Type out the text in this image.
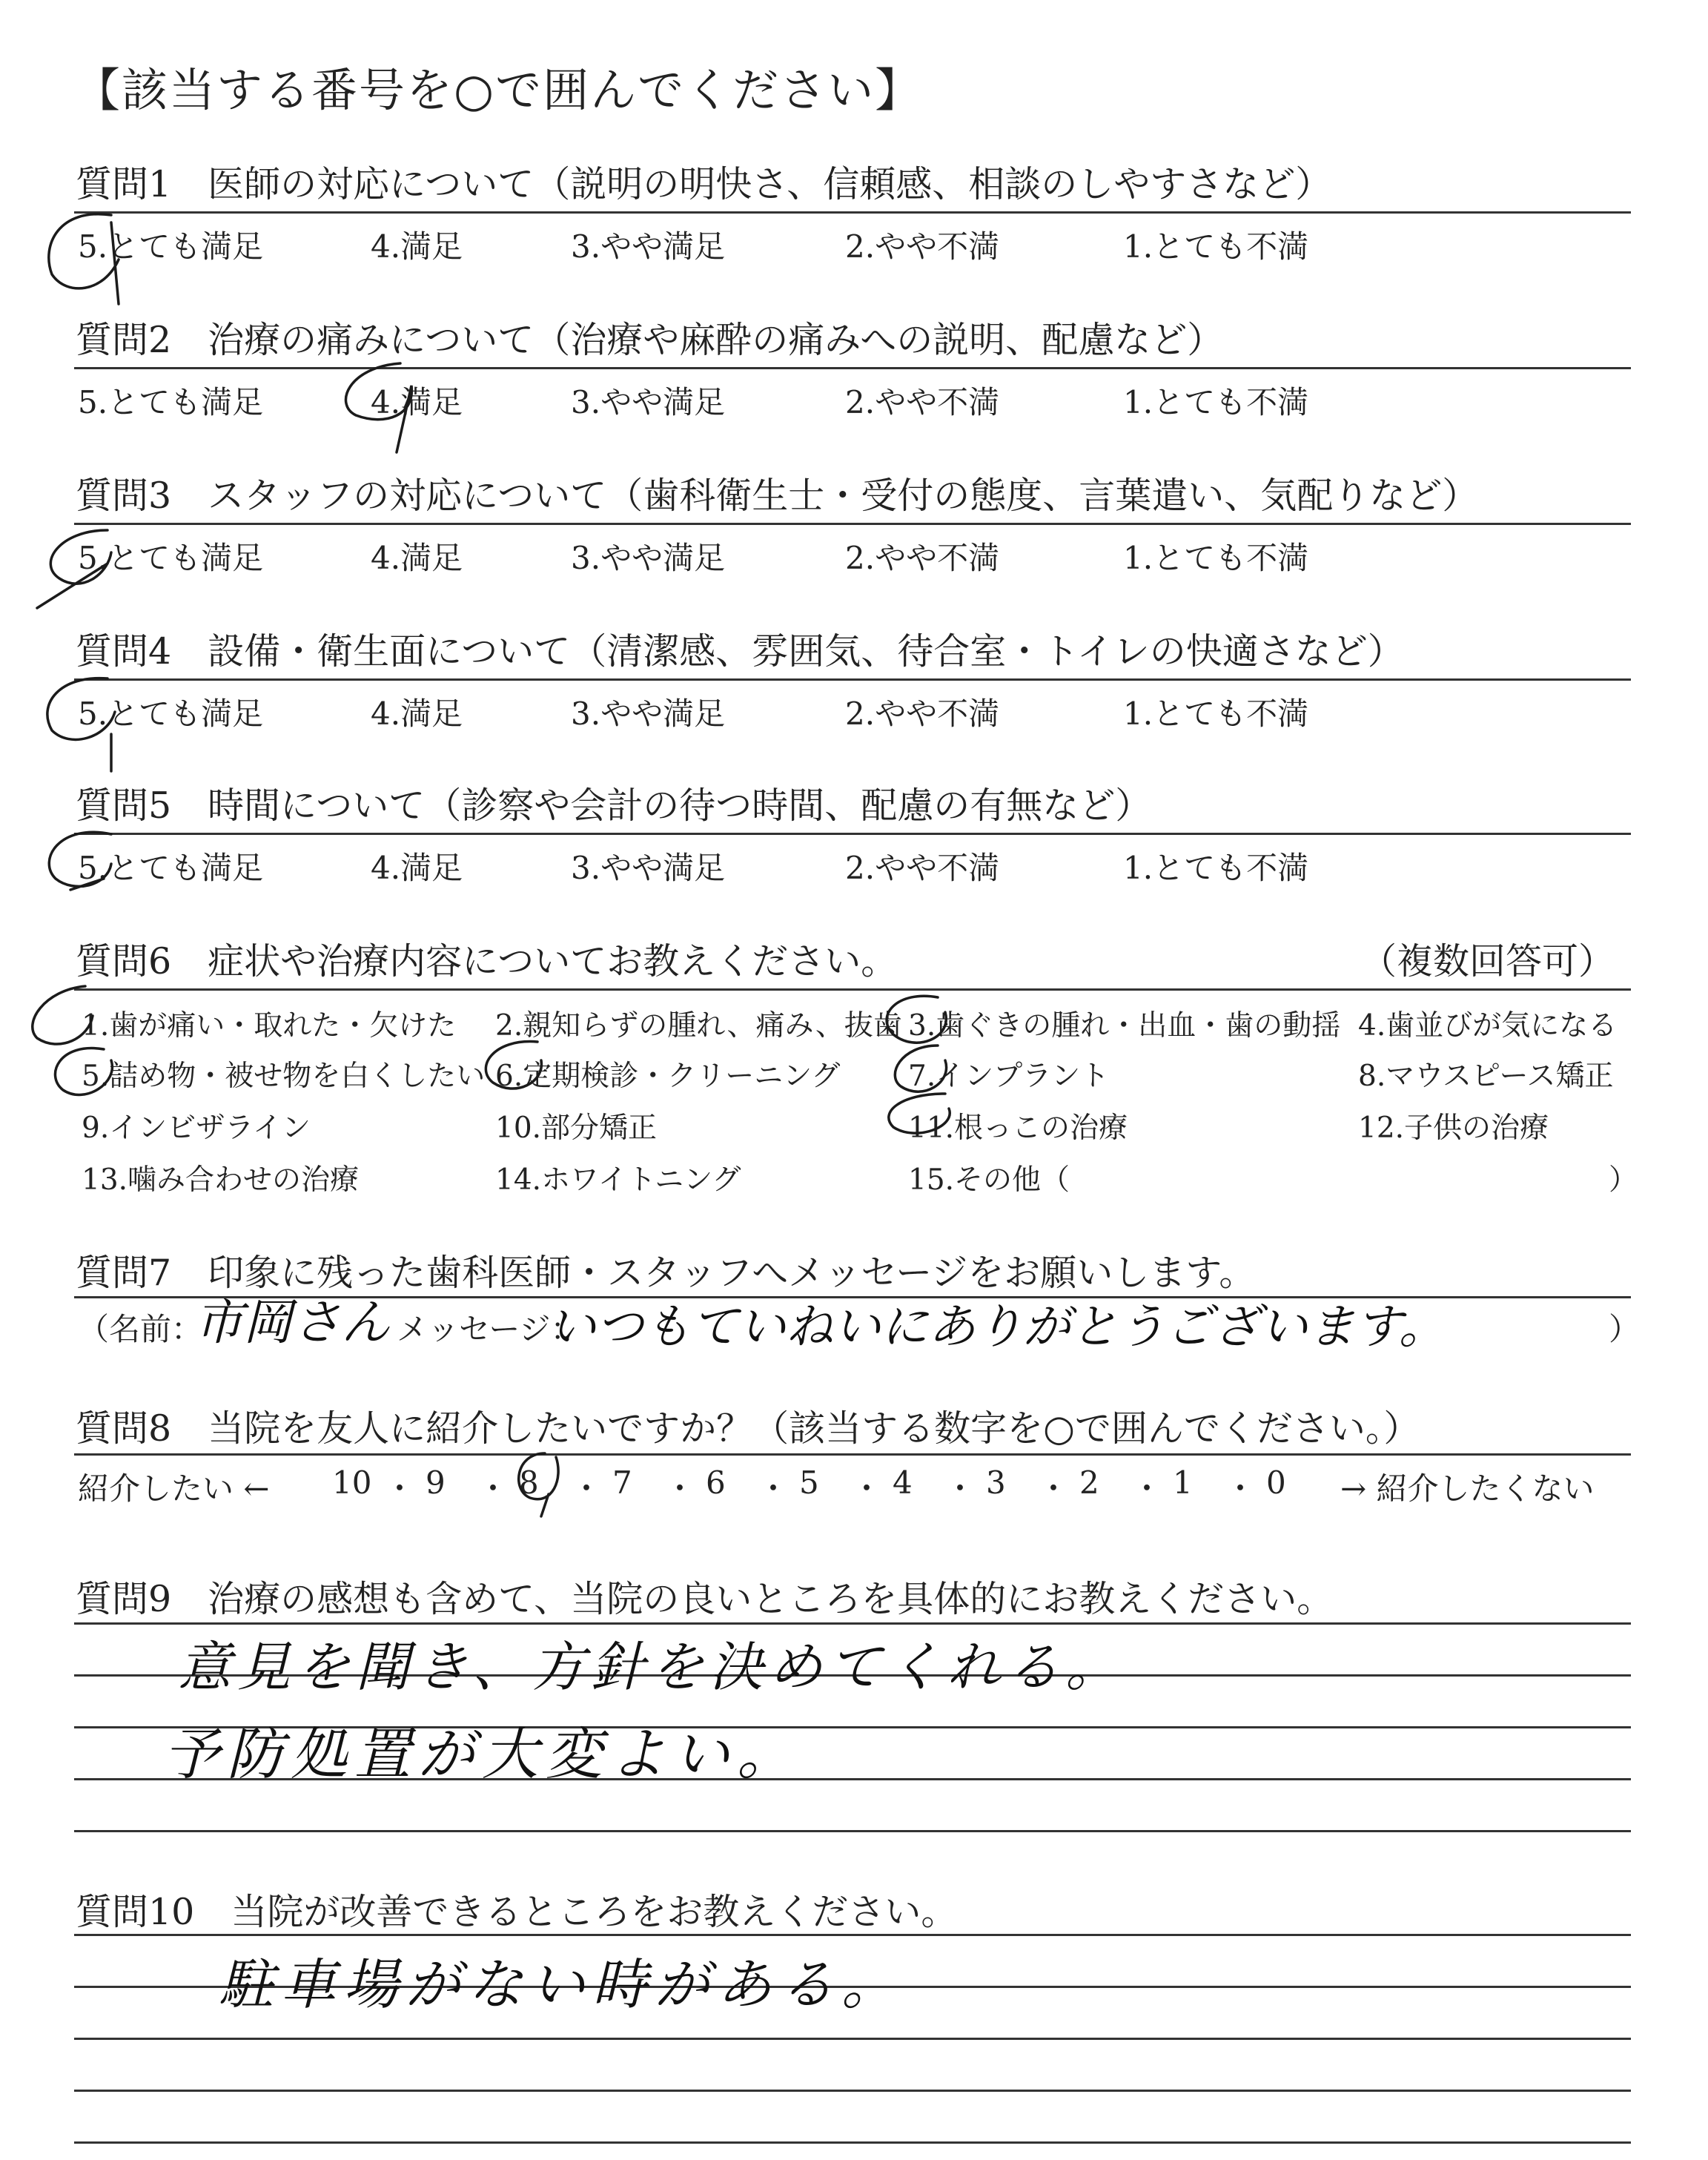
【該当する番号を○で囲んでください】
質問1　医師の対応について（説明の明快さ、信頼感、相談のしやすさなど）
5.とても満足	4.満足	3.やや満足	2.やや不満	1.とても不満
質問2　治療の痛みについて（治療や麻酔の痛みへの説明、配慮など）
5.とても満足	4.満足	3.やや満足	2.やや不満	1.とても不満
質問3　スタッフの対応について（歯科衛生士・受付の態度、言葉遣い、気配りなど）
5.とても満足	4.満足	3.やや満足	2.やや不満	1.とても不満
質問4　設備・衛生面について（清潔感、雰囲気、待合室・トイレの快適さなど）
5.とても満足	4.満足	3.やや満足	2.やや不満	1.とても不満
質問5　時間について（診察や会計の待つ時間、配慮の有無など）
5.とても満足	4.満足	3.やや満足	2.やや不満	1.とても不満
質問6　症状や治療内容についてお教えください。	（複数回答可）
1.歯が痛い・取れた・欠けた 2.親知らずの腫れ、痛み、抜歯 3.歯ぐきの腫れ・出血・歯の動揺 4.歯並びが気になる
5.詰め物・被せ物を白くしたい 6.定期検診・クリーニング 7.インプラント	8.マウスピース矯正
9.インビザライン	10.部分矯正	11.根っこの治療	12.子供の治療
13.噛み合わせの治療	14.ホワイトニング	15.その他（	）
質問7　印象に残った歯科医師・スタッフへメッセージをお願いします。
（名前：
市岡さん メッセージ：
いつもていねいにありがとうございます。	）
質問8　当院を友人に紹介したいですか？（該当する数字を○で囲んでください。）
紹介したい ← 10 ・ 9 ・ 8 ・ 7 ・ 6 ・ 5 ・ 4 ・ 3 ・ 2 ・ 1 ・ 0 → 紹介したくない
質問9　治療の感想も含めて、当院の良いところを具体的にお教えください。
意見を聞き、方針を決めてくれる。
予防処置が大変よい。
質問10　当院が改善できるところをお教えください。
駐車場がない時がある。
